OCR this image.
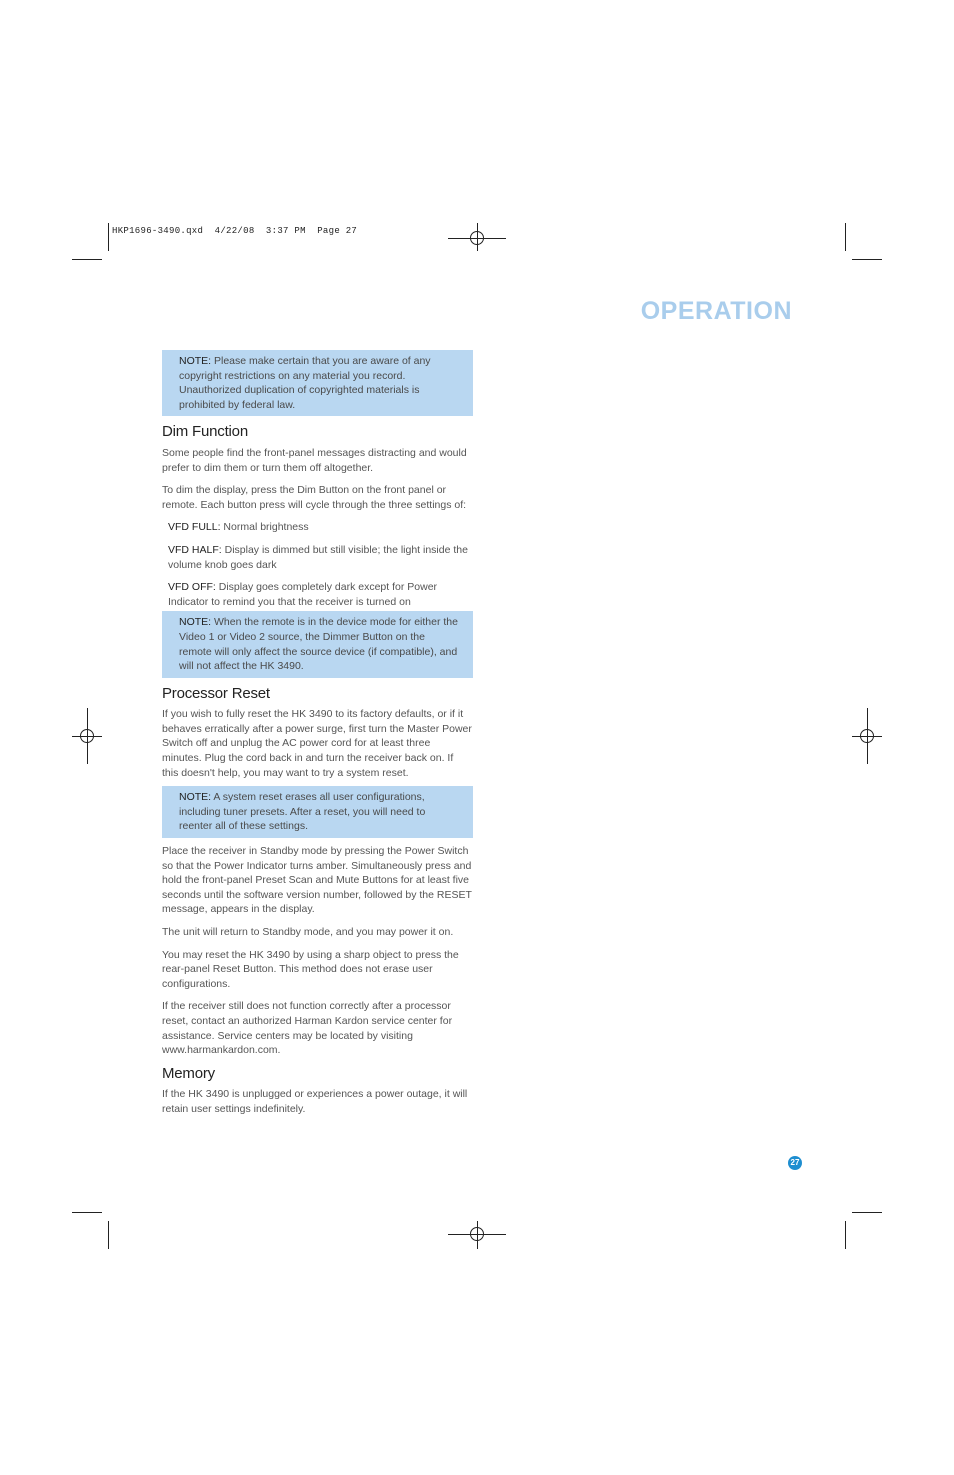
HKP1696-3490.qxd  4/22/08  3:37 PM  Page 27
OPERATION
NOTE: Please make certain that you are aware of any copyright restrictions on any material you record. Unauthorized duplication of copyrighted materials is prohibited by federal law.
Dim Function

Some people find the front-panel messages distracting and would prefer to dim them or turn them off altogether.

To dim the display, press the Dim Button on the front panel or remote. Each button press will cycle through the three settings of:

VFD FULL: Normal brightness

VFD HALF: Display is dimmed but still visible; the light inside the volume knob goes dark

VFD OFF: Display goes completely dark except for Power Indicator to remind you that the receiver is turned on

NOTE: When the remote is in the device mode for either the Video 1 or Video 2 source, the Dimmer Button on the remote will only affect the source device (if compatible), and will not affect the HK 3490.
Processor Reset

If you wish to fully reset the HK 3490 to its factory defaults, or if it behaves erratically after a power surge, first turn the Master Power Switch off and unplug the AC power cord for at least three minutes. Plug the cord back in and turn the receiver back on. If this doesn't help, you may want to try a system reset.

NOTE: A system reset erases all user configurations, including tuner presets. After a reset, you will need to reenter all of these settings.

Place the receiver in Standby mode by pressing the Power Switch so that the Power Indicator turns amber. Simultaneously press and hold the front-panel Preset Scan and Mute Buttons for at least five seconds until the software version number, followed by the RESET message, appears in the display.

The unit will return to Standby mode, and you may power it on.

You may reset the HK 3490 by using a sharp object to press the rear-panel Reset Button. This method does not erase user configurations.

If the receiver still does not function correctly after a processor reset, contact an authorized Harman Kardon service center for assistance. Service centers may be located by visiting www.harmankardon.com.

Memory

If the HK 3490 is unplugged or experiences a power outage, it will retain user settings indefinitely.

27
